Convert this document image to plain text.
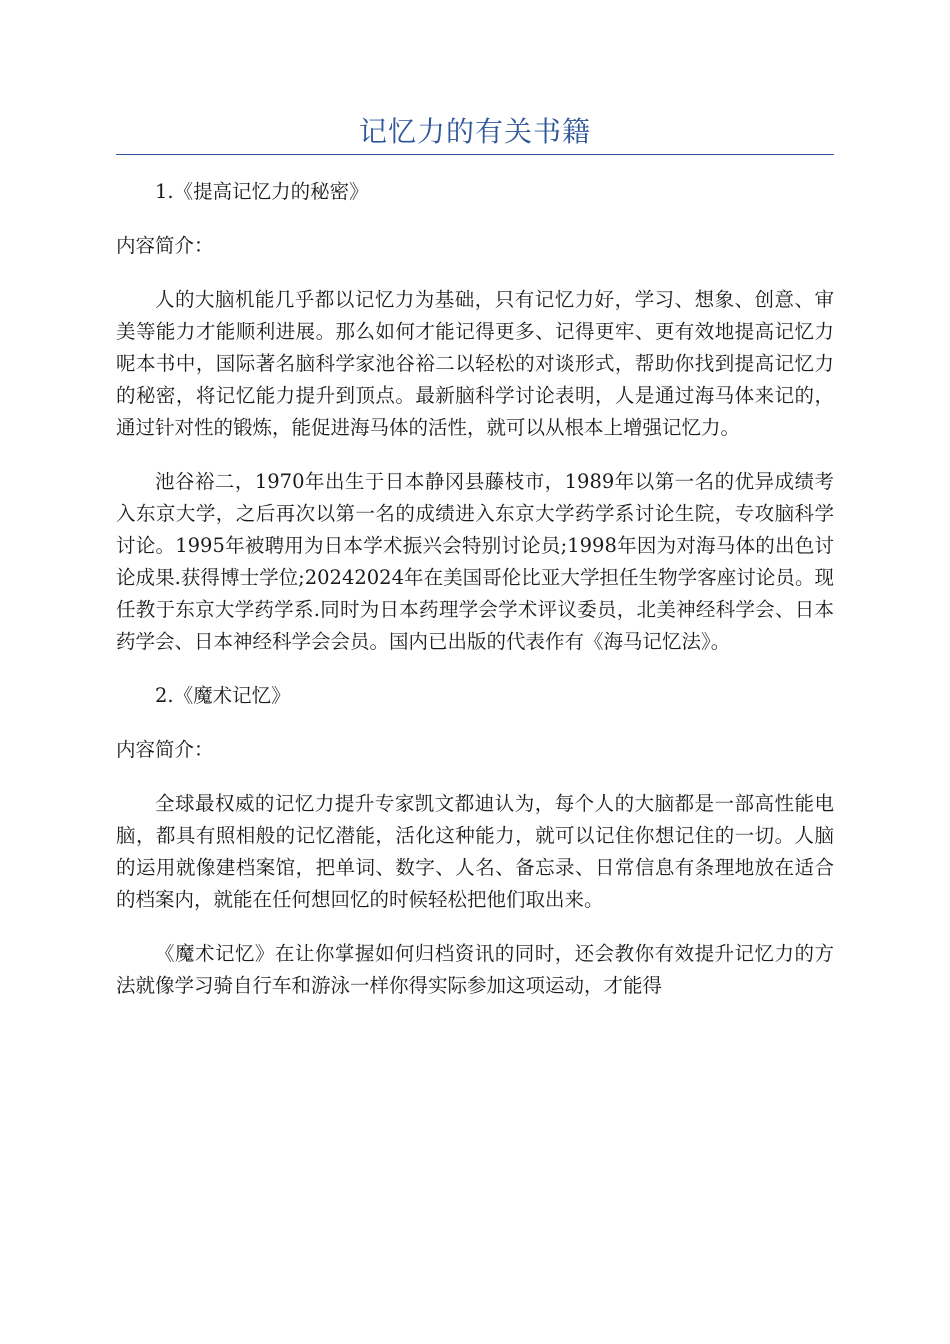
记忆力的有关书籍

1.《提高记忆力的秘密》

内容简介：

人的大脑机能几乎都以记忆力为基础，只有记忆力好，学习、想象、创意、审美等能力才能顺利进展。那么如何才能记得更多、记得更牢、更有效地提高记忆力呢本书中，国际著名脑科学家池谷裕二以轻松的对谈形式，帮助你找到提高记忆力的秘密，将记忆能力提升到顶点。最新脑科学讨论表明，人是通过海马体来记的，通过针对性的锻炼，能促进海马体的活性，就可以从根本上增强记忆力。

池谷裕二，1970年出生于日本静冈县藤枝市，1989年以第一名的优异成绩考入东京大学，之后再次以第一名的成绩进入东京大学药学系讨论生院，专攻脑科学讨论。1995年被聘用为日本学术振兴会特别讨论员;1998年因为对海马体的出色讨论成果.获得博士学位;20242024年在美国哥伦比亚大学担任生物学客座讨论员。现任教于东京大学药学系.同时为日本药理学会学术评议委员，北美神经科学会、日本药学会、日本神经科学会会员。国内已出版的代表作有《海马记忆法》。

2.《魔术记忆》

内容简介：

全球最权威的记忆力提升专家凯文都迪认为，每个人的大脑都是一部高性能电脑，都具有照相般的记忆潜能，活化这种能力，就可以记住你想记住的一切。人脑的运用就像建档案馆，把单词、数字、人名、备忘录、日常信息有条理地放在适合的档案内，就能在任何想回忆的时候轻松把他们取出来。

《魔术记忆》在让你掌握如何归档资讯的同时，还会教你有效提升记忆力的方法就像学习骑自行车和游泳一样你得实际参加这项运动，才能得
